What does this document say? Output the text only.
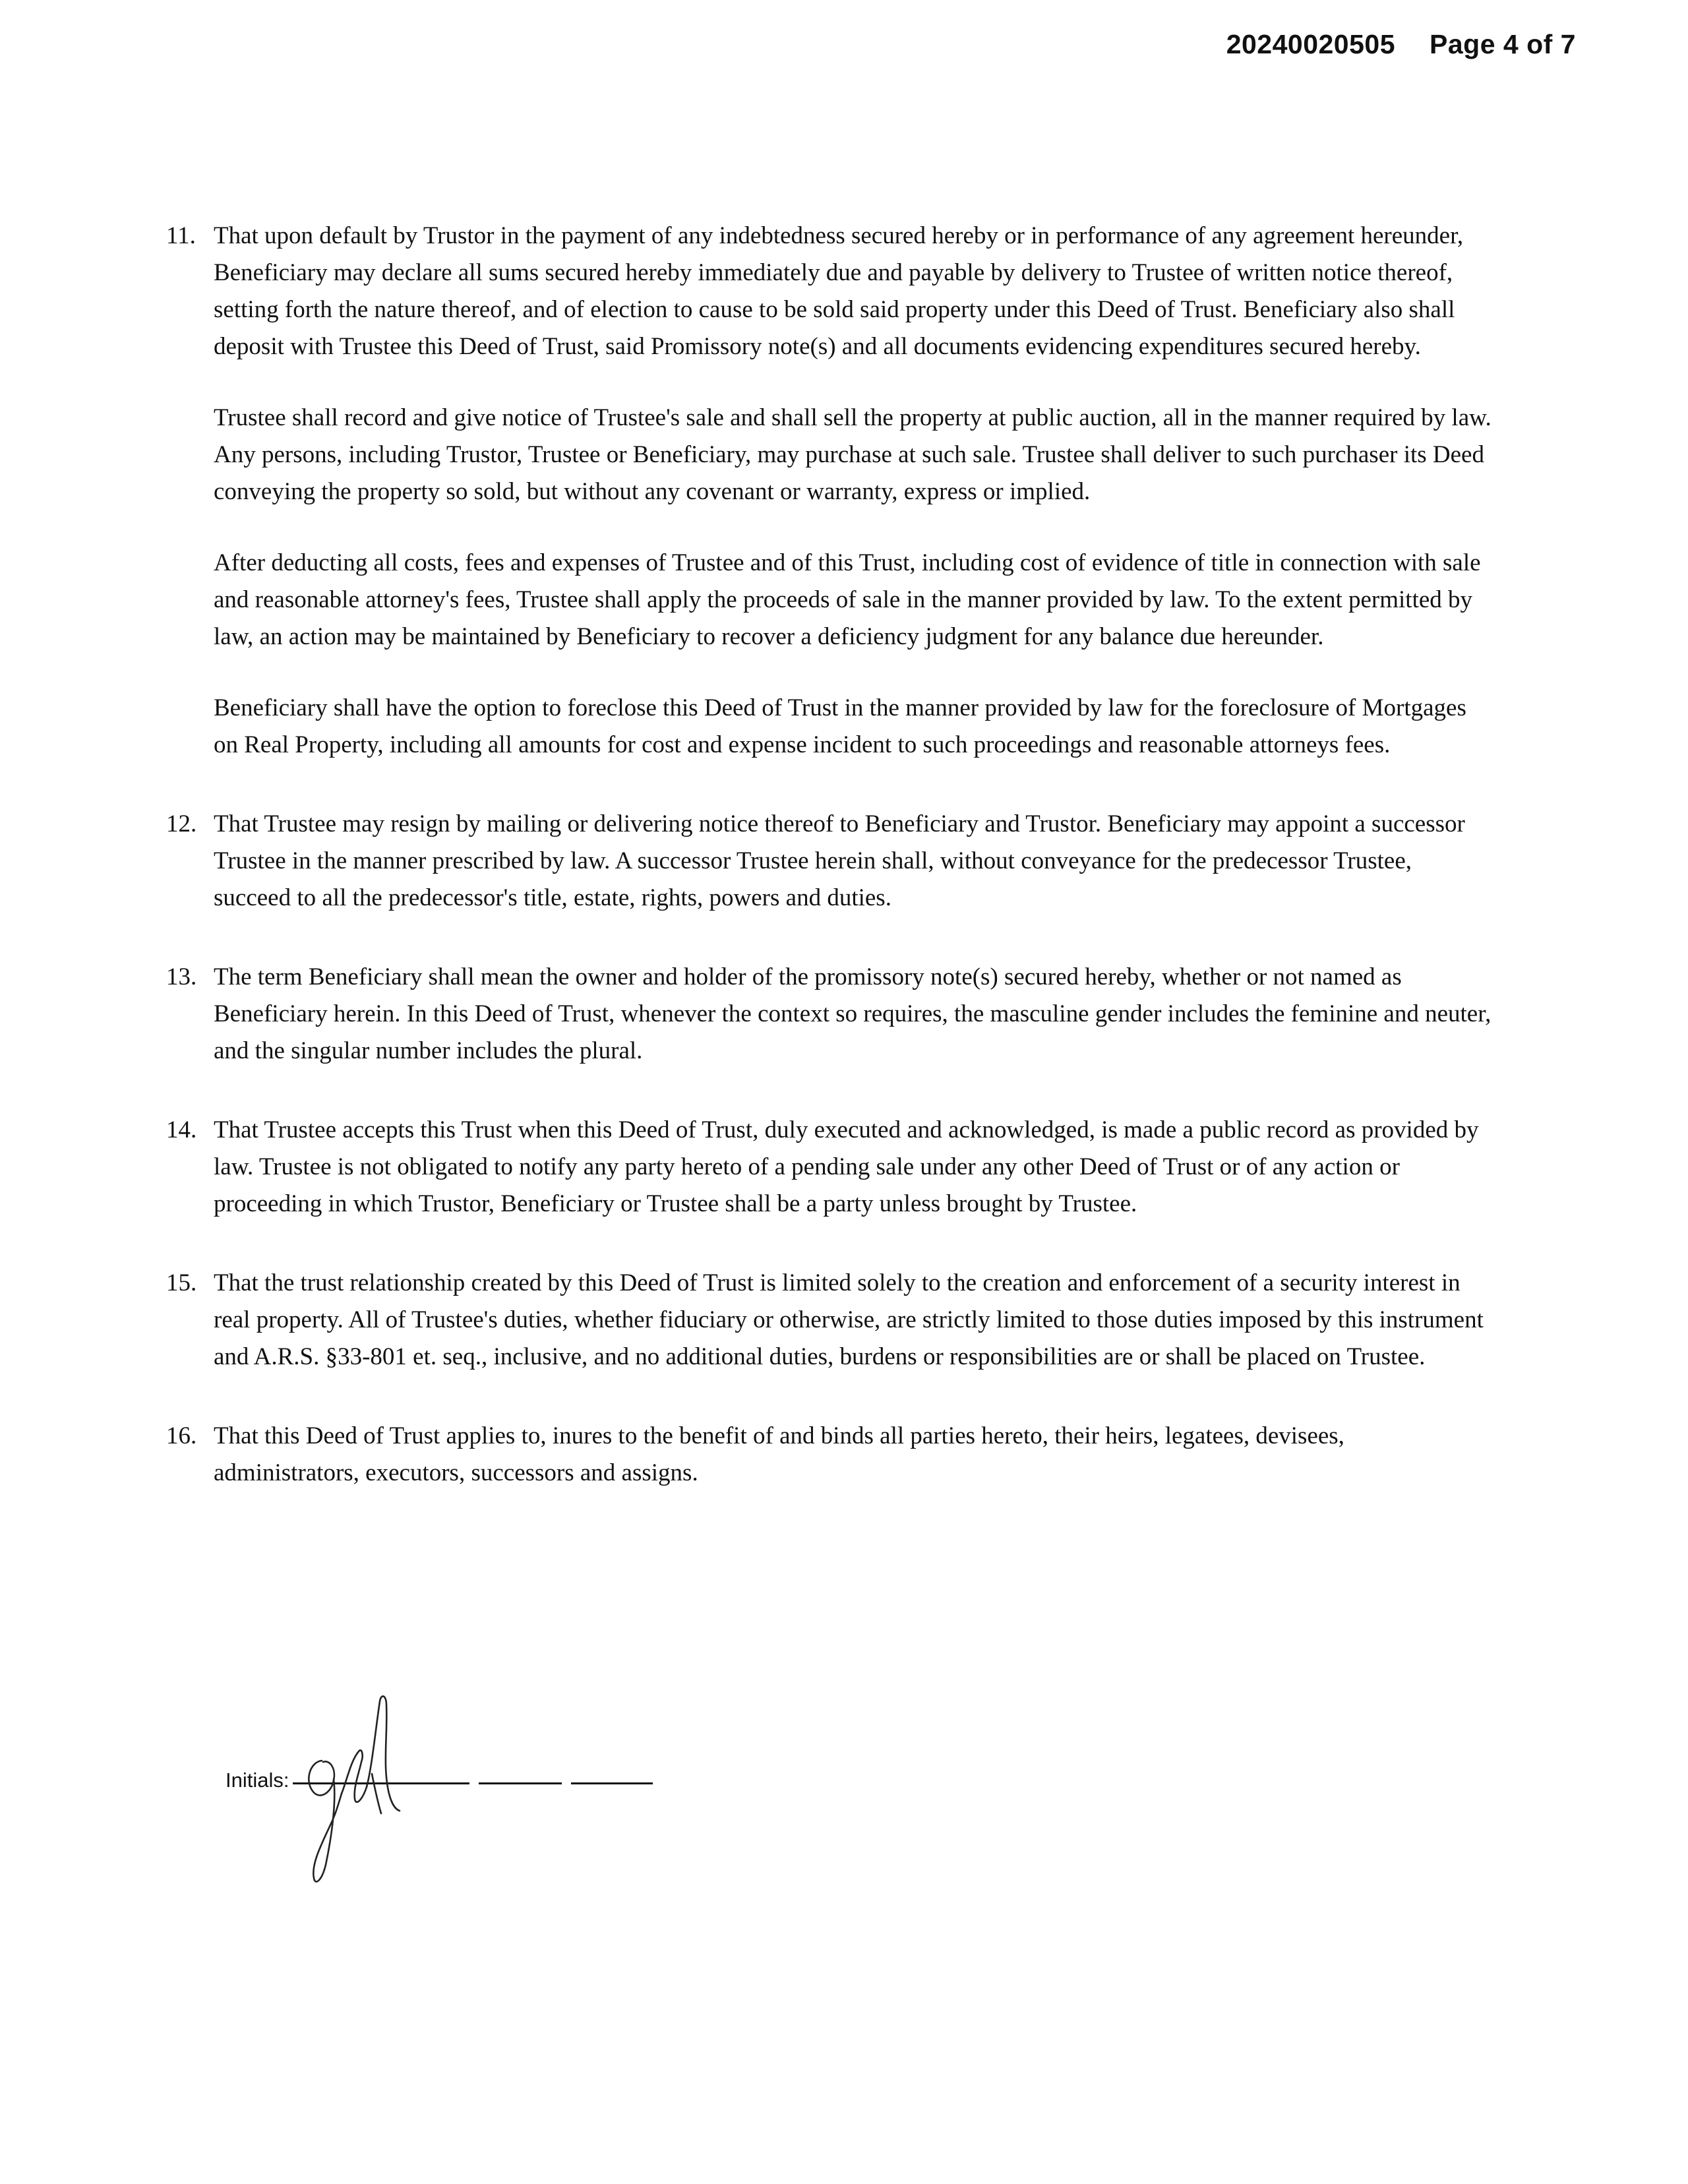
20240020505 Page 4 of 7
11. That upon default by Trustor in the payment of any indebtedness secured hereby or in performance of any agreement hereunder, Beneficiary may declare all sums secured hereby immediately due and payable by delivery to Trustee of written notice thereof, setting forth the nature thereof, and of election to cause to be sold said property under this Deed of Trust. Beneficiary also shall deposit with Trustee this Deed of Trust, said Promissory note(s) and all documents evidencing expenditures secured hereby.

Trustee shall record and give notice of Trustee's sale and shall sell the property at public auction, all in the manner required by law. Any persons, including Trustor, Trustee or Beneficiary, may purchase at such sale. Trustee shall deliver to such purchaser its Deed conveying the property so sold, but without any covenant or warranty, express or implied.

After deducting all costs, fees and expenses of Trustee and of this Trust, including cost of evidence of title in connection with sale and reasonable attorney's fees, Trustee shall apply the proceeds of sale in the manner provided by law. To the extent permitted by law, an action may be maintained by Beneficiary to recover a deficiency judgment for any balance due hereunder.

Beneficiary shall have the option to foreclose this Deed of Trust in the manner provided by law for the foreclosure of Mortgages on Real Property, including all amounts for cost and expense incident to such proceedings and reasonable attorneys fees.

12. That Trustee may resign by mailing or delivering notice thereof to Beneficiary and Trustor. Beneficiary may appoint a successor Trustee in the manner prescribed by law. A successor Trustee herein shall, without conveyance for the predecessor Trustee, succeed to all the predecessor's title, estate, rights, powers and duties.
13. The term Beneficiary shall mean the owner and holder of the promissory note(s) secured hereby, whether or not named as Beneficiary herein. In this Deed of Trust, whenever the context so requires, the masculine gender includes the feminine and neuter, and the singular number includes the plural.
14. That Trustee accepts this Trust when this Deed of Trust, duly executed and acknowledged, is made a public record as provided by law. Trustee is not obligated to notify any party hereto of a pending sale under any other Deed of Trust or of any action or proceeding in which Trustor, Beneficiary or Trustee shall be a party unless brought by Trustee.
15. That the trust relationship created by this Deed of Trust is limited solely to the creation and enforcement of a security interest in real property. All of Trustee's duties, whether fiduciary or otherwise, are strictly limited to those duties imposed by this instrument and A.R.S. §33-801 et. seq., inclusive, and no additional duties, burdens or responsibilities are or shall be placed on Trustee.
16. That this Deed of Trust applies to, inures to the benefit of and binds all parties hereto, their heirs, legatees, devisees, administrators, executors, successors and assigns.
Initials:
